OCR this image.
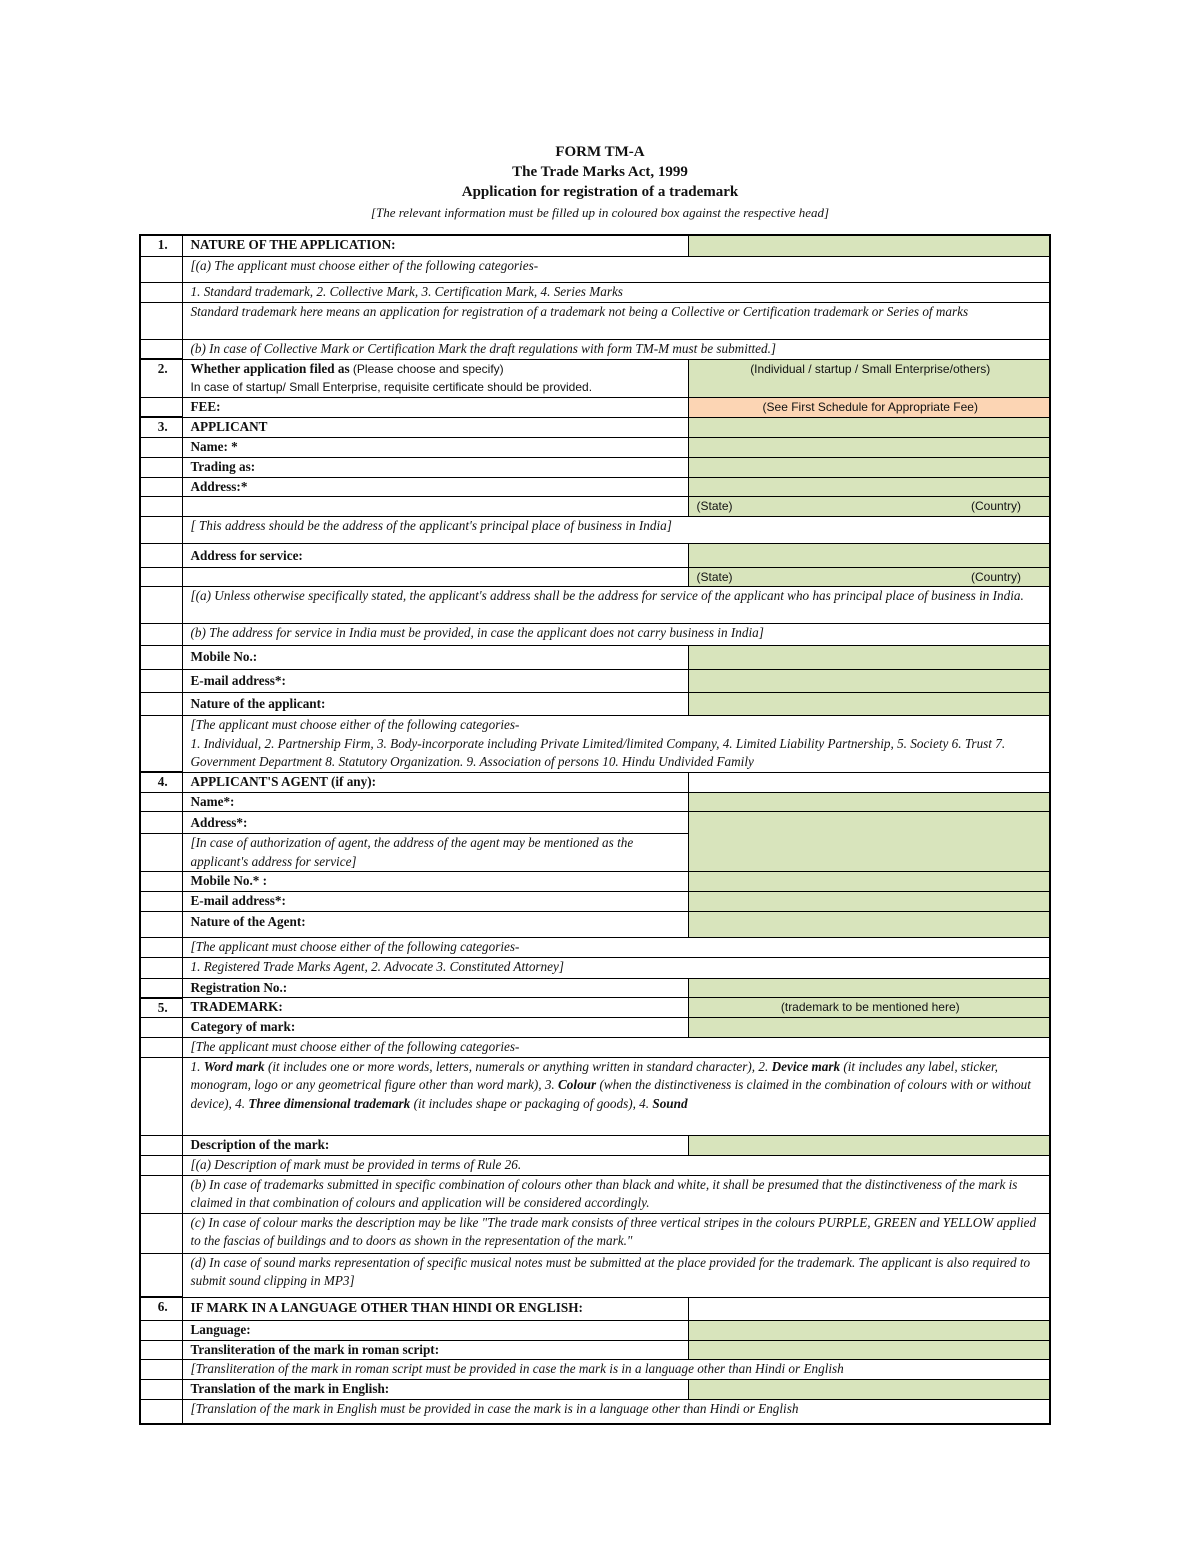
FORM TM-A
The Trade Marks Act, 1999
Application for registration of a trademark
[The relevant information must be filled up in coloured box against the respective head]
1.	NATURE OF THE APPLICATION:	
	[(a) The applicant must choose either of the following categories-	
	1. Standard trademark, 2. Collective Mark, 3. Certification Mark, 4. Series Marks	
	Standard trademark here means an application for registration of a trademark not being a Collective or Certification trademark or Series of marks	
	(b) In case of Collective Mark or Certification Mark the draft regulations with form TM-M must be submitted.]	
2.	Whether application filed as (Please choose and specify)
In case of startup/ Small Enterprise, requisite certificate should be provided.	(Individual / startup / Small Enterprise/others)
	FEE:	(See First Schedule for Appropriate Fee)
3.	APPLICANT	
	Name: *	
	Trading as:	
	Address:*	

		(State) (Country)

	[ This address should be the address of the applicant's principal place of business in India]	
	Address for service:	

		(State) (Country)

	[(a) Unless otherwise specifically stated, the applicant's address shall be the address for service of the applicant who has principal place of business in India.	
	(b) The address for service in India must be provided, in case the applicant does not carry business in India]	
	Mobile No.:	
	E-mail address*:	
	Nature of the applicant:	
	[The applicant must choose either of the following categories-
1. Individual, 2. Partnership Firm, 3. Body-incorporate including Private Limited/limited Company, 4. Limited Liability Partnership, 5. Society 6. Trust 7. Government Department 8. Statutory Organization. 9. Association of persons 10. Hindu Undivided Family	
4.	APPLICANT'S AGENT (if any):	
	Name*:	
	Address*:	
	[In case of authorization of agent, the address of the agent may be mentioned as the applicant's address for service]	
	Mobile No.* :	
	E-mail address*:	
	Nature of the Agent:	
	[The applicant must choose either of the following categories-	
	1. Registered Trade Marks Agent, 2. Advocate 3. Constituted Attorney]	
	Registration No.:	
5.	TRADEMARK:	(trademark to be mentioned here)
	Category of mark:	
	[The applicant must choose either of the following categories-	
	1. Word mark (it includes one or more words, letters, numerals or anything written in standard character), 2. Device mark (it includes any label, sticker, monogram, logo or any geometrical figure other than word mark), 3. Colour (when the distinctiveness is claimed in the combination of colours with or without device), 4. Three dimensional trademark (it includes shape or packaging of goods), 4. Sound	
	Description of the mark:	
	[(a) Description of mark must be provided in terms of Rule 26.	
	(b) In case of trademarks submitted in specific combination of colours other than black and white, it shall be presumed that the distinctiveness of the mark is claimed in that combination of colours and application will be considered accordingly.	
	(c) In case of colour marks the description may be like "The trade mark consists of three vertical stripes in the colours PURPLE, GREEN and YELLOW applied to the fascias of buildings and to doors as shown in the representation of the mark."	
	(d) In case of sound marks representation of specific musical notes must be submitted at the place provided for the trademark. The applicant is also required to submit sound clipping in MP3]	
6.	IF MARK IN A LANGUAGE OTHER THAN HINDI OR ENGLISH:	
	Language:	
	Transliteration of the mark in roman script:	
	[Transliteration of the mark in roman script must be provided in case the mark is in a language other than Hindi or English	
	Translation of the mark in English:	
	[Translation of the mark in English must be provided in case the mark is in a language other than Hindi or English	
